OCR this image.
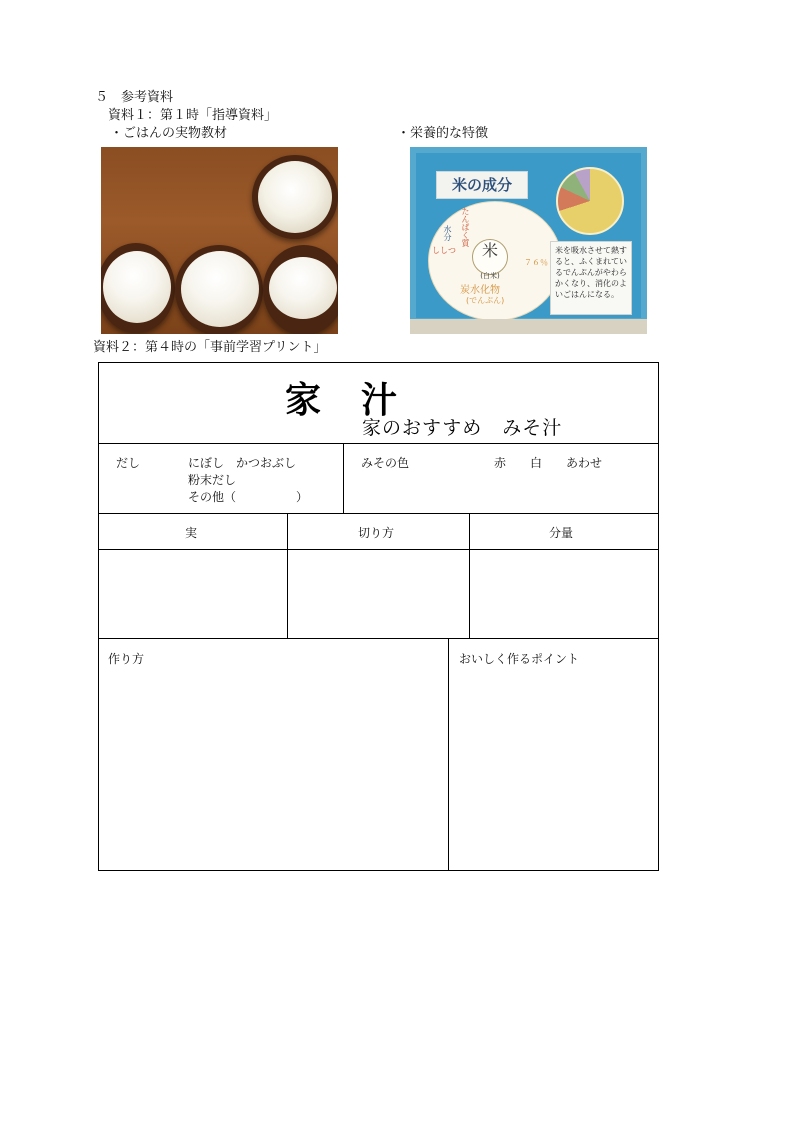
５　参考資料
資料１：第１時「指導資料」
・ごはんの実物教材	・栄養的な特徴
米の成分
米
(白米)
たんぱく質
ししつ
水分
７６％
炭水化物
(でんぷん)
米を吸水させて熱すると、ふくまれているでんぷんがやわらかくなり、消化のよいごはんになる。
資料２：第４時の「事前学習プリント」
家　汁
家のおすすめ　みそ汁
だし	にぼし　かつおぶし
粉末だし
その他（　　　　　）
みその色	赤　　白　　あわせ
実	切り方	分量
作り方	おいしく作るポイント
